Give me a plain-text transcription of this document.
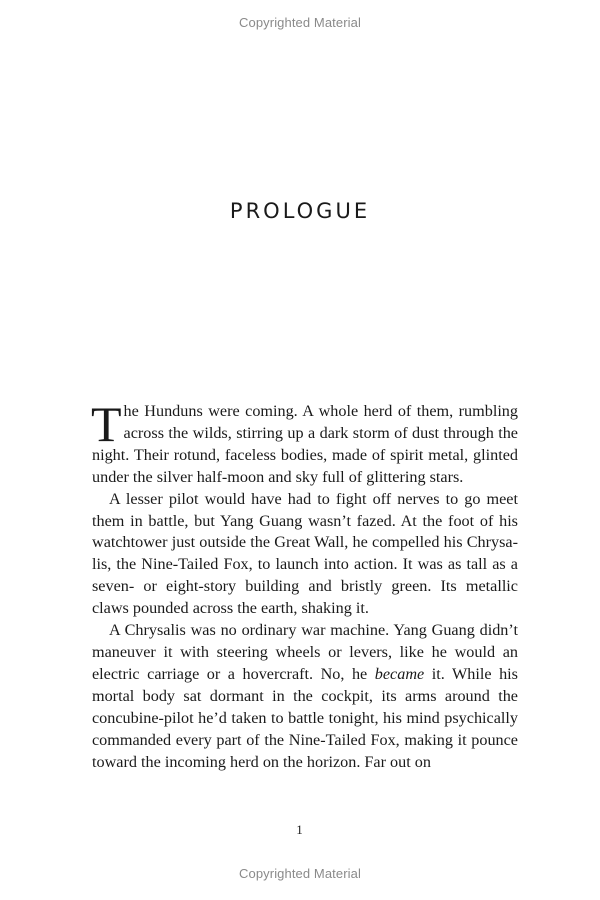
Copyrighted Material
PROLOGUE

The Hunduns were coming. A whole herd of them, rumbling across the wilds, stirring up a dark storm of dust through the night. Their rotund, faceless bodies, made of spirit metal, glinted under the silver half-moon and sky full of glittering stars.

A lesser pilot would have had to fight off nerves to go meet them in battle, but Yang Guang wasn’t fazed. At the foot of his watchtower just outside the Great Wall, he compelled his Chrysalis, the Nine-Tailed Fox, to launch into action. It was as tall as a seven- or eight-story building and bristly green. Its metallic claws pounded across the earth, shaking it.

A Chrysalis was no ordinary war machine. Yang Guang didn’t maneuver it with steering wheels or levers, like he would an electric carriage or a hovercraft. No, he became it. While his mortal body sat dormant in the cockpit, its arms around the concubine-pilot he’d taken to battle tonight, his mind psychically commanded every part of the Nine-Tailed Fox, making it pounce toward the incoming herd on the horizon. Far out on

1
Copyrighted Material
